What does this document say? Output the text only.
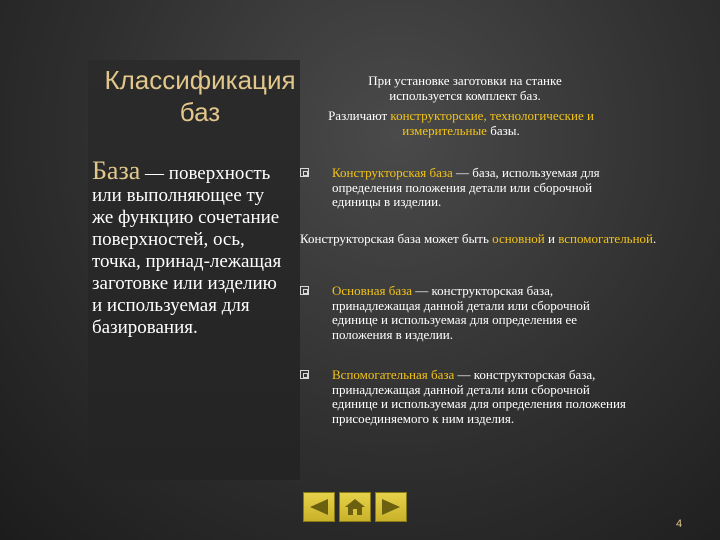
Классификация
баз
База — поверхность или выполняющее ту же функцию сочетание поверхностей, ось, точка, принад-лежащая заготовке или изделию и используемая для базирования.
При установке заготовки на станке используется комплект баз.
Различают конструкторские, технологические и измерительные базы.
Конструкторская база — база, используемая для определения положения детали или сборочной единицы в изделии.
Конструкторская база может быть основной и вспомогательной.
Основная база — конструкторская база, принадлежащая данной детали или сборочной единице и используемая для определения ее положения в изделии.
Вспомогательная база — конструкторская база, принадлежащая данной детали или сборочной единице и используемая для определения положения присоединяемого к ним изделия.
4
